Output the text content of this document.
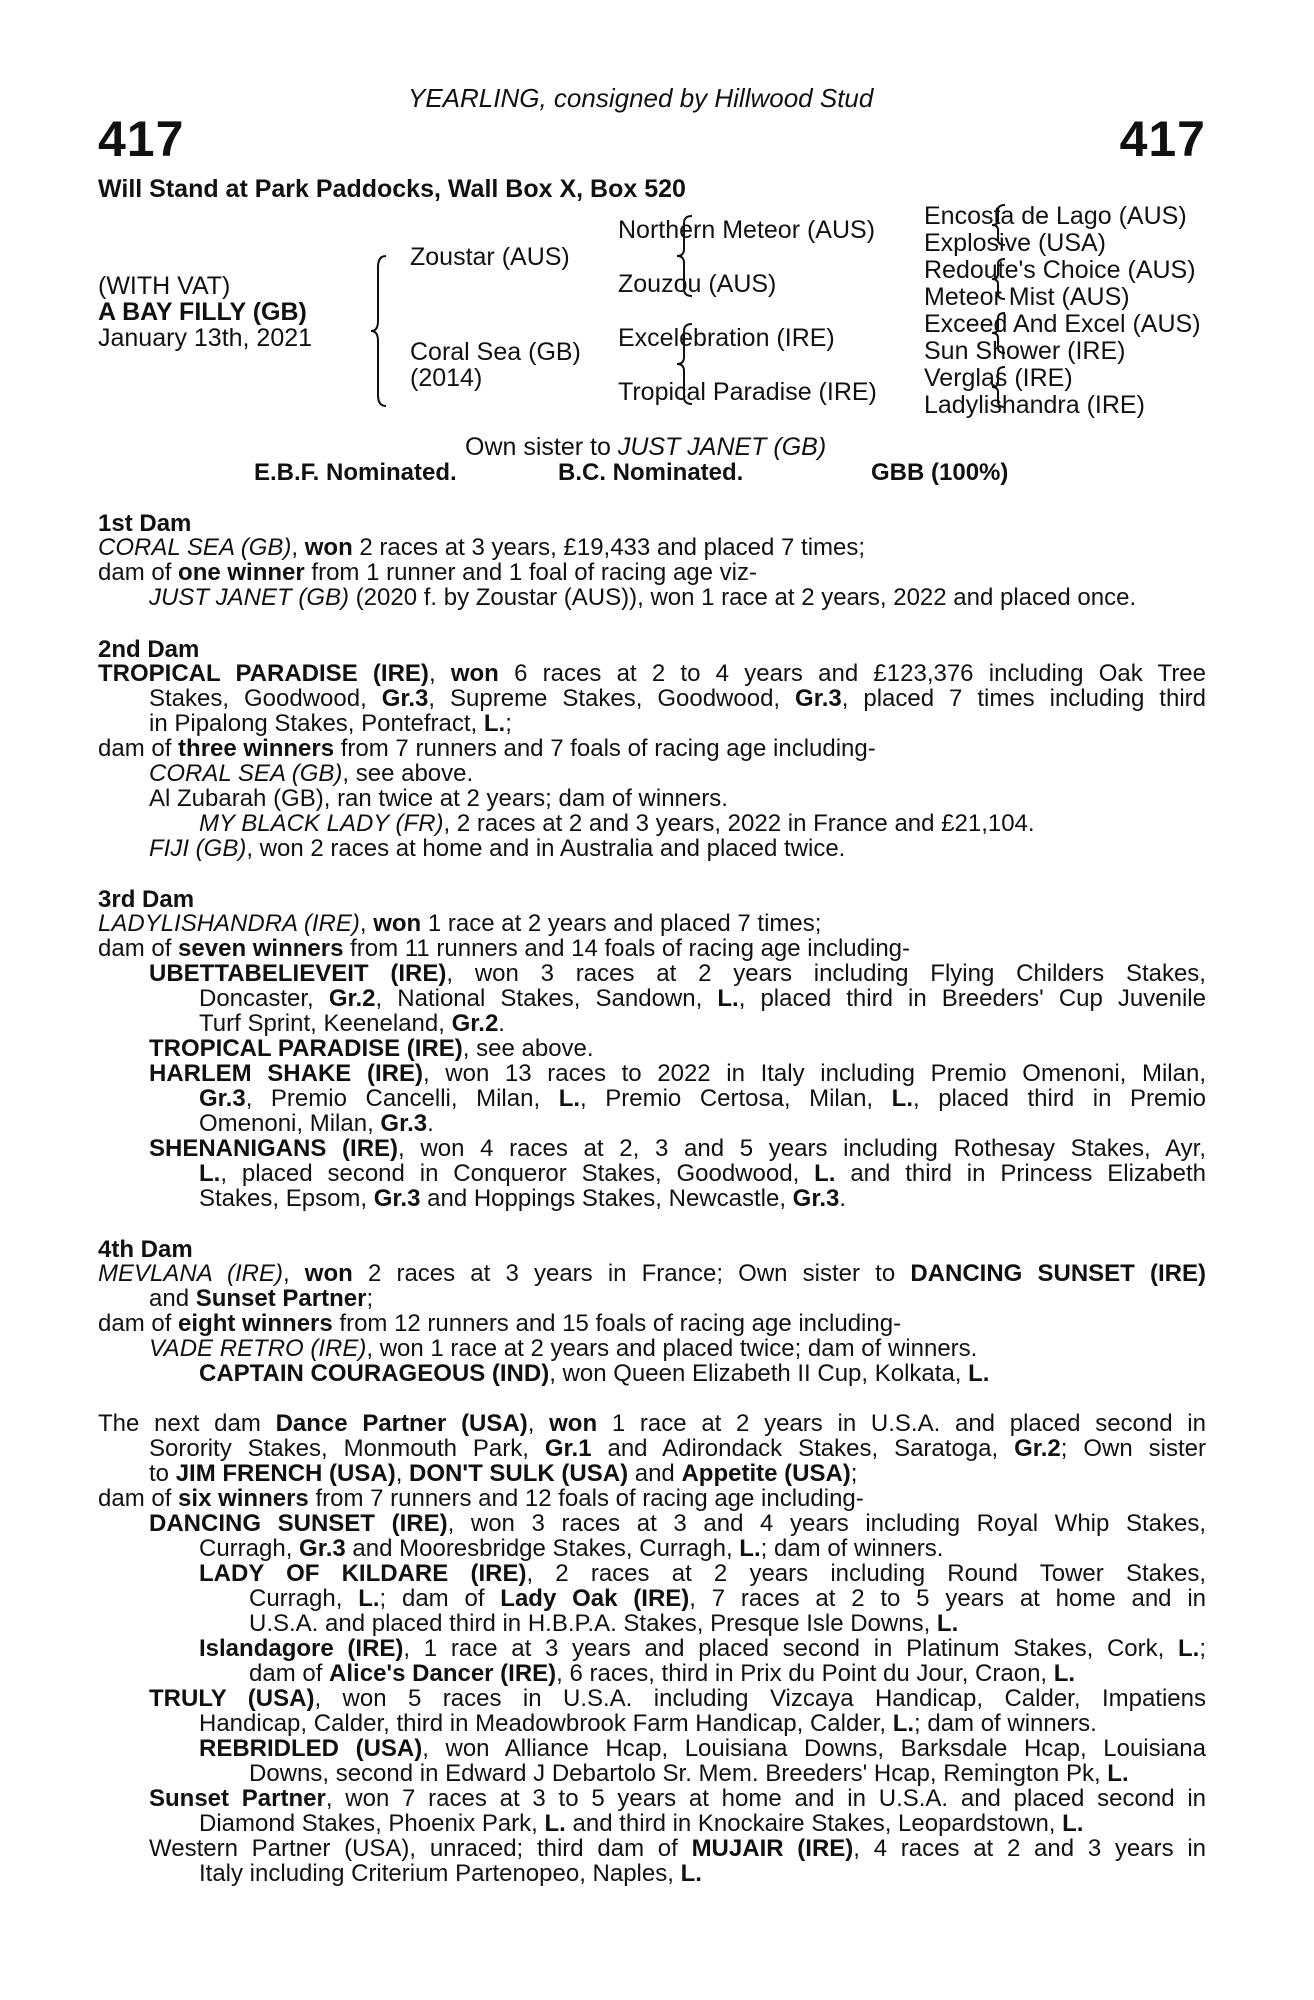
YEARLING, consigned by Hillwood Stud
417	417
Will Stand at Park Paddocks, Wall Box X, Box 520
(WITH VAT)
A BAY FILLY (GB)
January 13th, 2021
Zoustar (AUS)
Coral Sea (GB)
(2014)
Northern Meteor (AUS)
Zouzou (AUS)
Excelebration (IRE)
Tropical Paradise (IRE)
Encosta de Lago (AUS)
Explosive (USA)
Redoute's Choice (AUS)
Meteor Mist (AUS)
Exceed And Excel (AUS)
Sun Shower (IRE)
Verglas (IRE)
Ladylishandra (IRE)
Own sister to JUST JANET (GB)
E.B.F. Nominated.	B.C. Nominated.	GBB (100%)
1st Dam
CORAL SEA (GB), won 2 races at 3 years, £19,433 and placed 7 times;
dam of one winner from 1 runner and 1 foal of racing age viz-
JUST JANET (GB) (2020 f. by Zoustar (AUS)), won 1 race at 2 years, 2022 and placed once.
2nd Dam
TROPICAL PARADISE (IRE), won 6 races at 2 to 4 years and £123,376 including Oak Tree
Stakes, Goodwood, Gr.3, Supreme Stakes, Goodwood, Gr.3, placed 7 times including third
in Pipalong Stakes, Pontefract, L.;
dam of three winners from 7 runners and 7 foals of racing age including-
CORAL SEA (GB), see above.
Al Zubarah (GB), ran twice at 2 years; dam of winners.
MY BLACK LADY (FR), 2 races at 2 and 3 years, 2022 in France and £21,104.
FIJI (GB), won 2 races at home and in Australia and placed twice.
3rd Dam
LADYLISHANDRA (IRE), won 1 race at 2 years and placed 7 times;
dam of seven winners from 11 runners and 14 foals of racing age including-
UBETTABELIEVEIT (IRE), won 3 races at 2 years including Flying Childers Stakes,
Doncaster, Gr.2, National Stakes, Sandown, L., placed third in Breeders' Cup Juvenile
Turf Sprint, Keeneland, Gr.2.
TROPICAL PARADISE (IRE), see above.
HARLEM SHAKE (IRE), won 13 races to 2022 in Italy including Premio Omenoni, Milan,
Gr.3, Premio Cancelli, Milan, L., Premio Certosa, Milan, L., placed third in Premio
Omenoni, Milan, Gr.3.
SHENANIGANS (IRE), won 4 races at 2, 3 and 5 years including Rothesay Stakes, Ayr,
L., placed second in Conqueror Stakes, Goodwood, L. and third in Princess Elizabeth
Stakes, Epsom, Gr.3 and Hoppings Stakes, Newcastle, Gr.3.
4th Dam
MEVLANA (IRE), won 2 races at 3 years in France; Own sister to DANCING SUNSET (IRE)
and Sunset Partner;
dam of eight winners from 12 runners and 15 foals of racing age including-
VADE RETRO (IRE), won 1 race at 2 years and placed twice; dam of winners.
CAPTAIN COURAGEOUS (IND), won Queen Elizabeth II Cup, Kolkata, L.
The next dam Dance Partner (USA), won 1 race at 2 years in U.S.A. and placed second in
Sorority Stakes, Monmouth Park, Gr.1 and Adirondack Stakes, Saratoga, Gr.2; Own sister
to JIM FRENCH (USA), DON'T SULK (USA) and Appetite (USA);
dam of six winners from 7 runners and 12 foals of racing age including-
DANCING SUNSET (IRE), won 3 races at 3 and 4 years including Royal Whip Stakes,
Curragh, Gr.3 and Mooresbridge Stakes, Curragh, L.; dam of winners.
LADY OF KILDARE (IRE), 2 races at 2 years including Round Tower Stakes,
Curragh, L.; dam of Lady Oak (IRE), 7 races at 2 to 5 years at home and in
U.S.A. and placed third in H.B.P.A. Stakes, Presque Isle Downs, L.
Islandagore (IRE), 1 race at 3 years and placed second in Platinum Stakes, Cork, L.;
dam of Alice's Dancer (IRE), 6 races, third in Prix du Point du Jour, Craon, L.
TRULY (USA), won 5 races in U.S.A. including Vizcaya Handicap, Calder, Impatiens
Handicap, Calder, third in Meadowbrook Farm Handicap, Calder, L.; dam of winners.
REBRIDLED (USA), won Alliance Hcap, Louisiana Downs, Barksdale Hcap, Louisiana
Downs, second in Edward J Debartolo Sr. Mem. Breeders' Hcap, Remington Pk, L.
Sunset Partner, won 7 races at 3 to 5 years at home and in U.S.A. and placed second in
Diamond Stakes, Phoenix Park, L. and third in Knockaire Stakes, Leopardstown, L.
Western Partner (USA), unraced; third dam of MUJAIR (IRE), 4 races at 2 and 3 years in
Italy including Criterium Partenopeo, Naples, L.
